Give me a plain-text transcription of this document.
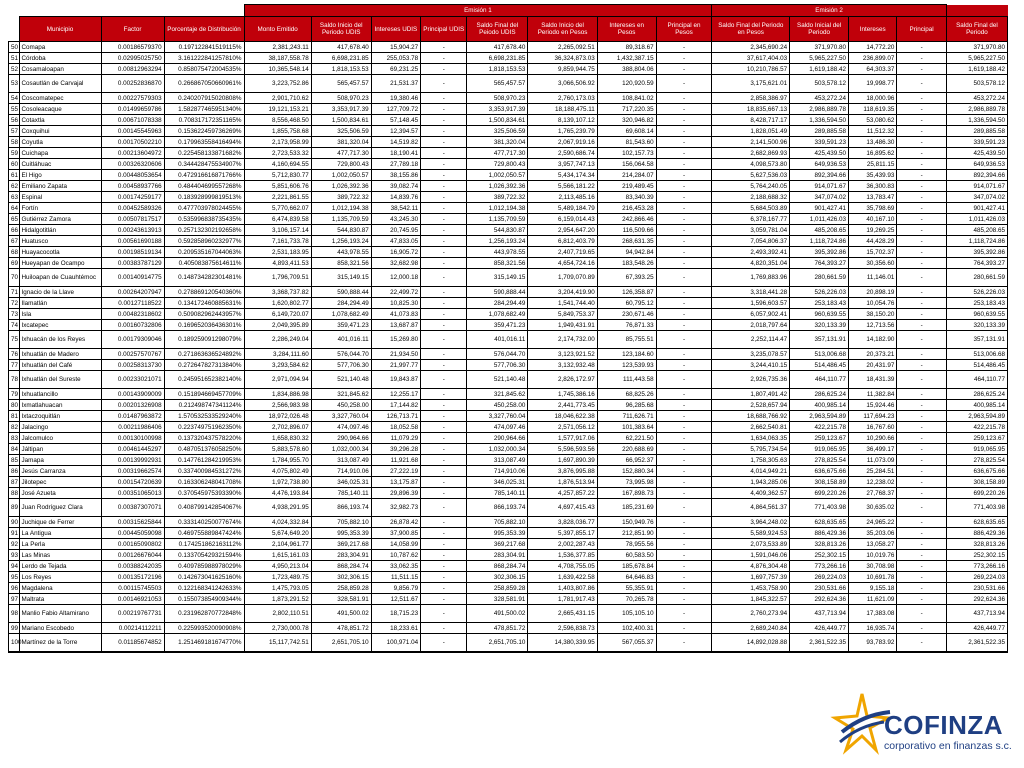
				Emisión 1								Emisión 2				
	Municipio	Factor	Porcentaje de Distribución	Monto Emitido	Saldo Inicio del Periodo UDIS	Intereses UDIS	Principal UDIS	Saldo Final del Peiodo UDIS	Saldo Inicio del Periodo en Pesos	Intereses en Pesos	Principal en Pesos	Saldo Final del Periodo en Pesos	Saldo Inicial del Periodo	Intereses	Principal	Saldo Final del Periodo
50	Comapa	0.00186579370	0.197122841519115%	2,381,243.11	417,678.40	15,904.27	-	417,678.40	2,265,092.51	89,318.67	-	2,345,690.24	371,970.80	14,772.20	-	371,970.80
51	Córdoba	0.02995025750	3.161222841257810%	38,187,558.78	6,698,231.85	255,053.78	-	6,698,231.85	36,324,873.03	1,432,387.15	-	37,617,404.03	5,965,227.50	236,899.07	-	5,965,227.50
52	Cosamaloapan	0.00812963294	0.858075472004535%	10,365,548.14	1,818,153.53	69,231.25	-	1,818,153.53	9,859,944.75	388,804.06	-	10,210,786.57	1,619,188.42	64,303.37	-	1,619,188.42
53	Cosautlán de Carvajal	0.00252836870	0.266867050660961%	3,223,752.86	565,457.57	21,531.37	-	565,457.57	3,066,506.92	120,920.59	-	3,175,621.01	503,578.12	19,998.77	-	503,578.12
54	Coscomatepec	0.00227579303	0.240207915020808%	2,901,710.62	508,970.23	19,380.46	-	508,970.23	2,760,173.03	108,841.02	-	2,858,386.97	453,272.24	18,000.96	-	453,272.24
55	Cosoleacaque	0.01499659786	1.582877465951340%	19,121,153.21	3,353,917.39	127,709.72	-	3,353,917.39	18,188,475.11	717,220.35	-	18,835,667.13	2,986,889.78	118,619.35	-	2,986,889.78
56	Cotaxtla	0.00671078338	0.708317172351165%	8,556,468.50	1,500,834.61	57,148.45	-	1,500,834.61	8,139,107.12	320,946.82	-	8,428,717.17	1,336,594.50	53,080.62	-	1,336,594.50
57	Coxquihui	0.00145545963	0.153622459736269%	1,855,758.68	325,506.59	12,394.57	-	325,506.59	1,765,239.79	69,608.14	-	1,828,051.49	289,885.58	11,512.32	-	289,885.58
58	Coyutla	0.00170502210	0.179963558416494%	2,173,958.99	381,320.04	14,519.82	-	381,320.04	2,067,919.16	81,543.60	-	2,141,500.96	339,591.23	13,486.30	-	339,591.23
59	Cuichapa	0.00213604972	0.225458133871682%	2,723,533.32	477,717.30	18,190.41	-	477,717.30	2,590,686.74	102,157.73	-	2,682,869.93	425,439.50	16,895.62	-	425,439.50
60	Cuitláhuac	0.00326320606	0.344428475534907%	4,160,694.55	729,800.43	27,789.18	-	729,800.43	3,957,747.13	156,064.58	-	4,098,573.80	649,936.53	25,811.15	-	649,936.53
61	El Higo	0.00448053654	0.472916616871766%	5,712,830.77	1,002,050.57	38,155.86	-	1,002,050.57	5,434,174.34	214,284.07	-	5,627,536.03	892,394.66	35,439.93	-	892,394.66
62	Emiliano Zapata	0.00458937766	0.484404699557268%	5,851,606.76	1,026,392.36	39,082.74	-	1,026,392.36	5,566,181.22	219,489.45	-	5,764,240.05	914,071.67	36,300.83	-	914,071.67
63	Espinal	0.00174259177	0.183928999819513%	2,221,861.55	389,722.32	14,839.76	-	389,722.32	2,113,485.16	83,340.39	-	2,188,688.32	347,074.02	13,783.47	-	347,074.02
64	Fortín	0.00452589326	0.477703978024455%	5,770,662.07	1,012,194.38	38,542.11	-	1,012,194.38	5,489,184.79	216,453.28	-	5,684,503.89	901,427.41	35,798.69	-	901,427.41
65	Gutiérrez Zamora	0.00507817517	0.535996838735435%	6,474,839.58	1,135,709.59	43,245.30	-	1,135,709.59	6,159,014.43	242,866.46	-	6,378,167.77	1,011,426.03	40,167.10	-	1,011,426.03
66	Hidalgotitlán	0.00243613913	0.257132302192658%	3,106,157.14	544,830.87	20,745.95	-	544,830.87	2,954,647.20	116,509.66	-	3,059,781.04	485,208.65	19,269.25	-	485,208.65
67	Huatusco	0.00561690188	0.592858960232977%	7,161,733.78	1,256,193.24	47,833.05	-	1,256,193.24	6,812,403.79	268,631.35	-	7,054,806.37	1,118,724.86	44,428.29	-	1,118,724.86
68	Huayacocotla	0.00198519134	0.209535167044063%	2,531,183.95	443,978.55	16,905.72	-	443,978.55	2,407,719.65	94,942.84	-	2,493,392.41	395,392.86	15,702.37	-	395,392.86
69	Hueyapan de Ocampo	0.00383787129	0.405083875614611%	4,893,411.53	858,321.56	32,682.98	-	858,321.56	4,654,724.16	183,548.26	-	4,820,351.04	764,393.27	30,356.60	-	764,393.27
70	Huiloapan de Cuauhtémoc	0.00140914775	0.148734282301481%	1,796,709.51	315,149.15	12,000.18	-	315,149.15	1,709,070.89	67,393.25	-	1,769,883.96	280,661.59	11,146.01	-	280,661.59
71	Ignacio de la Llave	0.00264207947	0.278869120540360%	3,368,737.82	590,888.44	22,499.72	-	590,888.44	3,204,419.90	126,358.87	-	3,318,441.28	526,226.03	20,898.19	-	526,226.03
72	Ilamatlán	0.00127118522	0.134172460885631%	1,620,802.77	284,294.49	10,825.30	-	284,294.49	1,541,744.40	60,795.12	-	1,596,603.57	253,183.43	10,054.76	-	253,183.43
73	Isla	0.00482318602	0.509082962443957%	6,149,720.07	1,078,682.49	41,073.83	-	1,078,682.49	5,849,753.37	230,671.46	-	6,057,902.41	960,639.55	38,150.20	-	960,639.55
74	Ixcatepec	0.00160732806	0.169652036436301%	2,049,395.89	359,471.23	13,687.87	-	359,471.23	1,949,431.91	76,871.33	-	2,018,797.64	320,133.39	12,713.56	-	320,133.39
75	Ixhuacán de los Reyes	0.00179309046	0.189259091298079%	2,286,249.04	401,016.11	15,269.80	-	401,016.11	2,174,732.00	85,755.51	-	2,252,114.47	357,131.91	14,182.90	-	357,131.91
76	Ixhuatlán de Madero	0.00257570767	0.271863636524892%	3,284,111.60	576,044.70	21,934.50	-	576,044.70	3,123,921.52	123,184.60	-	3,235,078.57	513,006.68	20,373.21	-	513,006.68
77	Ixhuatlán del Café	0.00258313730	0.272647827313840%	3,293,584.62	577,706.30	21,997.77	-	577,706.30	3,132,932.48	123,539.93	-	3,244,410.15	514,486.45	20,431.97	-	514,486.45
78	Ixhuatlán del Sureste	0.00233021071	0.245951652382140%	2,971,094.94	521,140.48	19,843.87	-	521,140.48	2,826,172.97	111,443.58	-	2,926,735.36	464,110.77	18,431.39	-	464,110.77
79	Ixhuatlancillo	0.00143909009	0.151894669457709%	1,834,886.98	321,845.62	12,255.17	-	321,845.62	1,745,386.16	68,825.26	-	1,807,491.42	286,625.24	11,382.84	-	286,625.24
80	Ixmatlahuacan	0.00201326908	0.212498747341124%	2,566,983.98	450,258.00	17,144.82	-	450,258.00	2,441,773.45	96,285.68	-	2,528,657.94	400,985.14	15,924.46	-	400,985.14
81	Ixtaczoquitlán	0.01487963872	1.570532533529240%	18,972,026.48	3,327,760.04	126,713.71	-	3,327,760.04	18,046,622.38	711,626.71	-	18,688,766.92	2,963,594.89	117,694.23	-	2,963,594.89
82	Jalacingo	0.00211986406	0.223749751962350%	2,702,896.07	474,097.46	18,052.58	-	474,097.46	2,571,056.12	101,383.64	-	2,662,540.81	422,215.78	16,767.60	-	422,215.78
83	Jalcomulco	0.00130100998	0.137320437578220%	1,658,830.32	290,964.66	11,079.29	-	290,964.66	1,577,917.06	62,221.50	-	1,634,063.35	259,123.67	10,290.66	-	259,123.67
84	Jáltipan	0.00461445297	0.487051376058250%	5,883,578.60	1,032,000.34	39,296.28	-	1,032,000.34	5,596,593.56	220,688.69	-	5,795,734.54	919,065.95	36,499.17	-	919,065.95
85	Jamapa	0.00139992931	0.147761284219953%	1,784,955.70	313,087.49	11,921.68	-	313,087.49	1,697,890.39	66,952.37	-	1,758,305.63	278,825.54	11,073.09	-	278,825.54
86	Jesús Carranza	0.00319662574	0.337400984531272%	4,075,802.49	714,910.06	27,222.19	-	714,910.06	3,876,995.88	152,880.34	-	4,014,949.21	636,675.66	25,284.51	-	636,675.66
87	Jilotepec	0.00154720639	0.163306248041708%	1,972,738.80	346,025.31	13,175.87	-	346,025.31	1,876,513.94	73,995.98	-	1,943,285.06	308,158.89	12,238.02	-	308,158.89
88	José Azueta	0.00351065013	0.370545975393390%	4,476,193.84	785,140.11	29,896.39	-	785,140.11	4,257,857.22	167,898.73	-	4,409,362.57	699,220.26	27,768.37	-	699,220.26
89	Juan Rodríguez Clara	0.00387307071	0.408799142854067%	4,938,291.95	866,193.74	32,982.73	-	866,193.74	4,697,415.43	185,231.69	-	4,864,561.37	771,403.98	30,635.02	-	771,403.98
90	Juchique de Ferrer	0.00315625844	0.333140250077674%	4,024,332.84	705,882.10	26,878.42	-	705,882.10	3,828,036.77	150,949.76	-	3,964,248.02	628,635.65	24,965.22	-	628,635.65
91	La Antigua	0.00445059098	0.469755889847424%	5,674,649.20	995,353.39	37,900.85	-	995,353.39	5,397,855.17	212,851.90	-	5,589,924.53	886,429.36	35,203.06	-	886,429.36
92	La Perla	0.00165090802	0.174251862163112%	2,104,961.77	369,217.68	14,058.99	-	369,217.68	2,002,287.43	78,955.56	-	2,073,533.89	328,813.26	13,058.27	-	328,813.26
93	Las Minas	0.00126676044	0.133705429321594%	1,615,161.03	283,304.91	10,787.62	-	283,304.91	1,536,377.85	60,583.50	-	1,591,046.06	252,302.15	10,019.76	-	252,302.15
94	Lerdo de Tejada	0.00388242035	0.409785988978029%	4,950,213.04	868,284.74	33,062.35	-	868,284.74	4,708,755.05	185,678.84	-	4,876,304.48	773,266.16	30,708.98	-	773,266.16
95	Los Reyes	0.00135172196	0.142673041625160%	1,723,489.75	302,306.15	11,511.15	-	302,306.15	1,639,422.58	64,646.83	-	1,697,757.39	269,224.03	10,691.78	-	269,224.03
96	Magdalena	0.00115745503	0.122168341242633%	1,475,793.05	258,859.28	9,856.79	-	258,859.28	1,403,807.86	55,355.91	-	1,453,758.90	230,531.66	9,155.18	-	230,531.66
97	Maltrata	0.00146921053	0.155073854909344%	1,873,291.52	328,581.91	12,511.67	-	328,581.91	1,781,917.43	70,265.78	-	1,845,322.57	292,624.36	11,621.09	-	292,624.36
98	Manlio Fabio Altamirano	0.00219767731	0.231962870772848%	2,802,110.51	491,500.02	18,715.23	-	491,500.02	2,665,431.15	105,105.10	-	2,760,273.94	437,713.94	17,383.08	-	437,713.94
99	Mariano Escobedo	0.00214112211	0.225993520090908%	2,730,000.78	478,851.72	18,233.61	-	478,851.72	2,596,838.73	102,400.31	-	2,689,240.84	426,449.77	16,935.74	-	426,449.77
100	Martínez de la Torre	0.01185674852	1.251469181674770%	15,117,742.51	2,651,705.10	100,971.04	-	2,651,705.10	14,380,339.95	567,055.37	-	14,892,028.88	2,361,522.35	93,783.92	-	2,361,522.35
COFINZA
corporativo en finanzas s.c.
